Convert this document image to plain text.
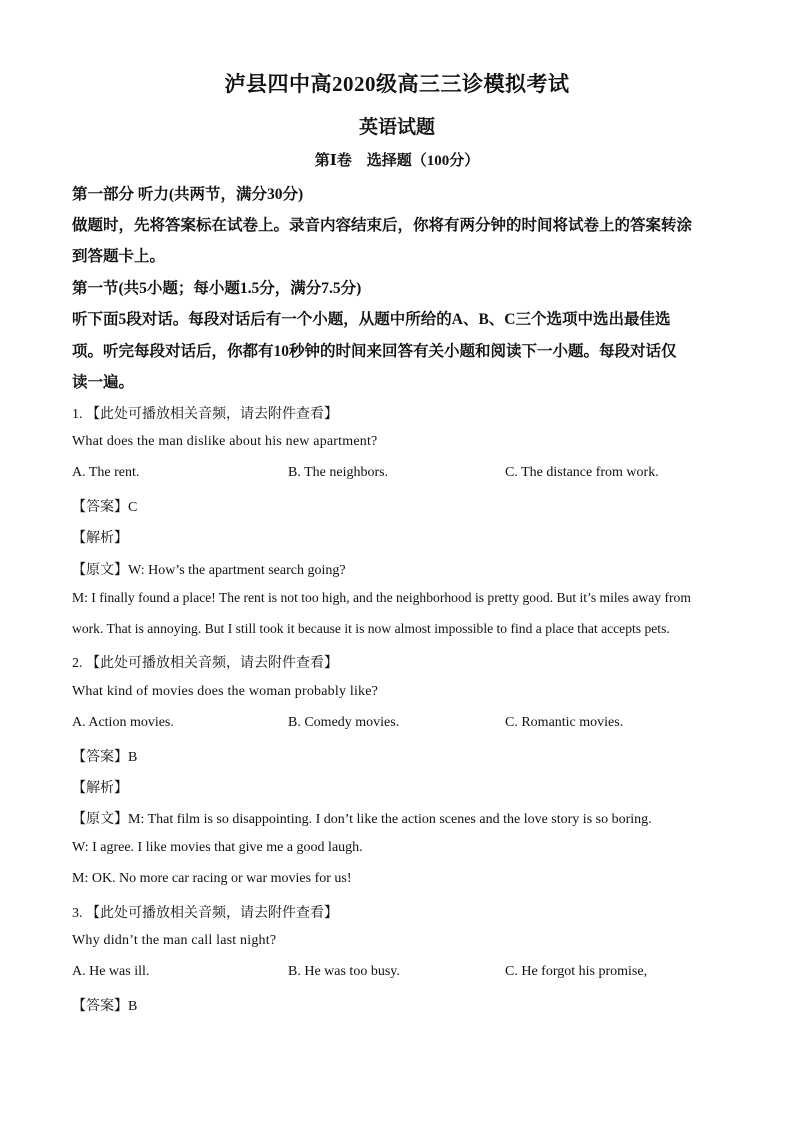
泸县四中高2020级高三三诊模拟考试
英语试题
第Ⅰ卷　选择题（100分）
第一部分 听力(共两节，满分30分)
做题时，先将答案标在试卷上。录音内容结束后，你将有两分钟的时间将试卷上的答案转涂
到答题卡上。
第一节(共5小题；每小题1.5分，满分7.5分)
听下面5段对话。每段对话后有一个小题，从题中所给的A、B、C三个选项中选出最佳选
项。听完每段对话后，你都有10秒钟的时间来回答有关小题和阅读下一小题。每段对话仅
读一遍。
1. 【此处可播放相关音频，请去附件查看】
What does the man dislike about his new apartment?
A. The rent.	B. The neighbors.	C. The distance from work.
【答案】C
【解析】
【原文】W: How’s the apartment search going?
M: I finally found a place! The rent is not too high, and the neighborhood is pretty good. But it’s miles away from
work. That is annoying. But I still took it because it is now almost impossible to find a place that accepts pets.
2. 【此处可播放相关音频，请去附件查看】
What kind of movies does the woman probably like?
A. Action movies.	B. Comedy movies.	C. Romantic movies.
【答案】B
【解析】
【原文】M: That film is so disappointing. I don’t like the action scenes and the love story is so boring.
W: I agree. I like movies that give me a good laugh.
M: OK. No more car racing or war movies for us!
3. 【此处可播放相关音频，请去附件查看】
Why didn’t the man call last night?
A. He was ill.	B. He was too busy.	C. He forgot his promise,
【答案】B
